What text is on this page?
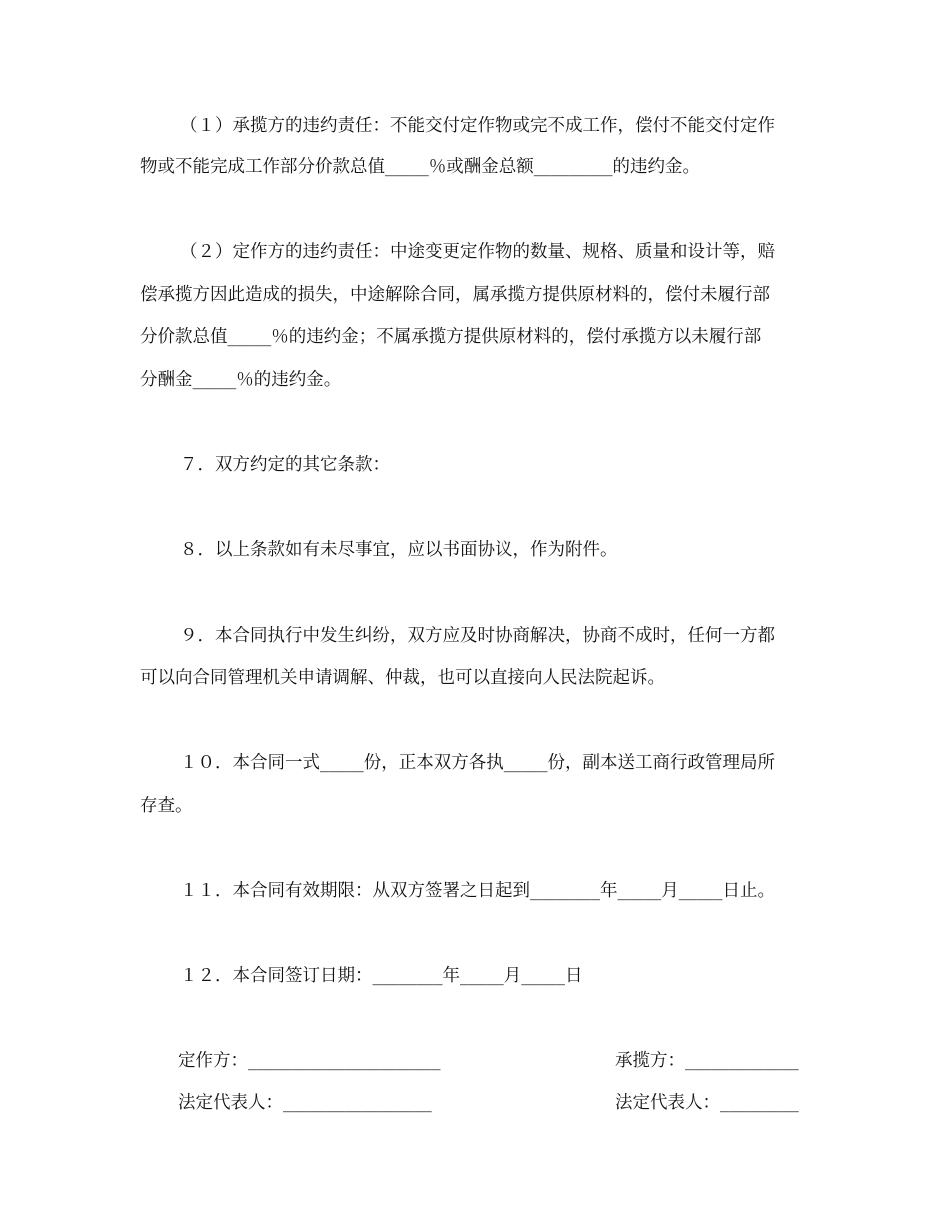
（１）承揽方的违约责任：不能交付定作物或完不成工作，偿付不能交付定作
物或不能完成工作部分价款总值_____％或酬金总额_________的违约金。
（２）定作方的违约责任：中途变更定作物的数量、规格、质量和设计等，赔
偿承揽方因此造成的损失，中途解除合同，属承揽方提供原材料的，偿付未履行部
分价款总值_____％的违约金；不属承揽方提供原材料的，偿付承揽方以未履行部
分酬金_____％的违约金。
７．双方约定的其它条款：
８．以上条款如有未尽事宜，应以书面协议，作为附件。
９．本合同执行中发生纠纷，双方应及时协商解决，协商不成时，任何一方都
可以向合同管理机关申请调解、仲裁，也可以直接向人民法院起诉。
１０．本合同一式_____份，正本双方各执_____份，副本送工商行政管理局所
存查。
１１．本合同有效期限：从双方签署之日起到________年_____月_____日止。
１２．本合同签订日期：________年_____月_____日
定作方：______________________
法定代表人：_________________
承揽方：_____________
法定代表人：_________
